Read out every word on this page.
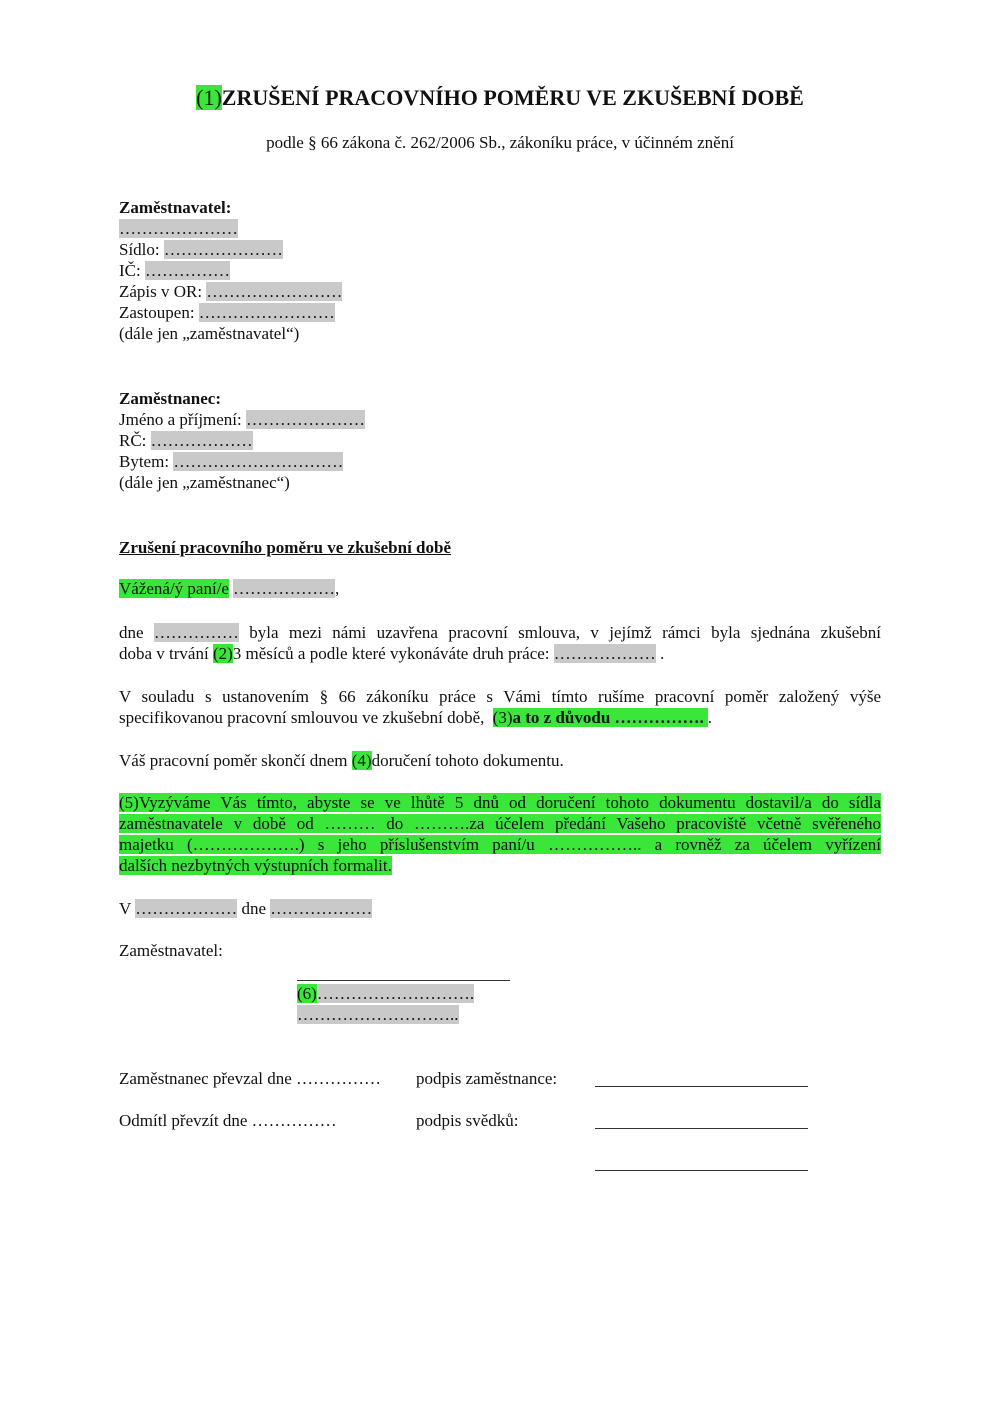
(1)ZRUŠENÍ PRACOVNÍHO POMĚRU VE ZKUŠEBNÍ DOBĚ
podle § 66 zákona č. 262/2006 Sb., zákoníku práce, v účinném znění
Zaměstnavatel:
…………………
Sídlo: …………………
IČ: ……………
Zápis v OR: ……………………
Zastoupen: ……………………
(dále jen „zaměstnavatel“)
Zaměstnanec:
Jméno a příjmení: …………………
RČ: ………………
Bytem: …………………………
(dále jen „zaměstnanec“)
Zrušení pracovního poměru ve zkušební době
Vážená/ý paní/e ………………,
dne …………… byla mezi námi uzavřena pracovní smlouva, v jejímž rámci byla sjednána zkušební
doba v trvání (2)3 měsíců a podle které vykonáváte druh práce: ……………… .
V souladu s ustanovením § 66 zákoníku práce s Vámi tímto rušíme pracovní poměr založený výše
specifikovanou pracovní smlouvou ve zkušební době, (3)a to z důvodu ……………. .
Váš pracovní poměr skončí dnem (4)doručení tohoto dokumentu.
(5)Vyzýváme Vás tímto, abyste se ve lhůtě 5 dnů od doručení tohoto dokumentu dostavil/a do sídla
zaměstnavatele v době od ……… do ……….za účelem předání Vašeho pracoviště včetně svěřeného
majetku (……………….) s jeho příslušenstvím paní/u …………….. a rovněž za účelem vyřízení
dalších nezbytných výstupních formalit.
V ……………… dne ………………
Zaměstnavatel:
(6)……………………….
………………………..
Zaměstnanec převzal dne …………… podpis zaměstnance:
Odmítl převzít dne ……………	podpis svědků:
